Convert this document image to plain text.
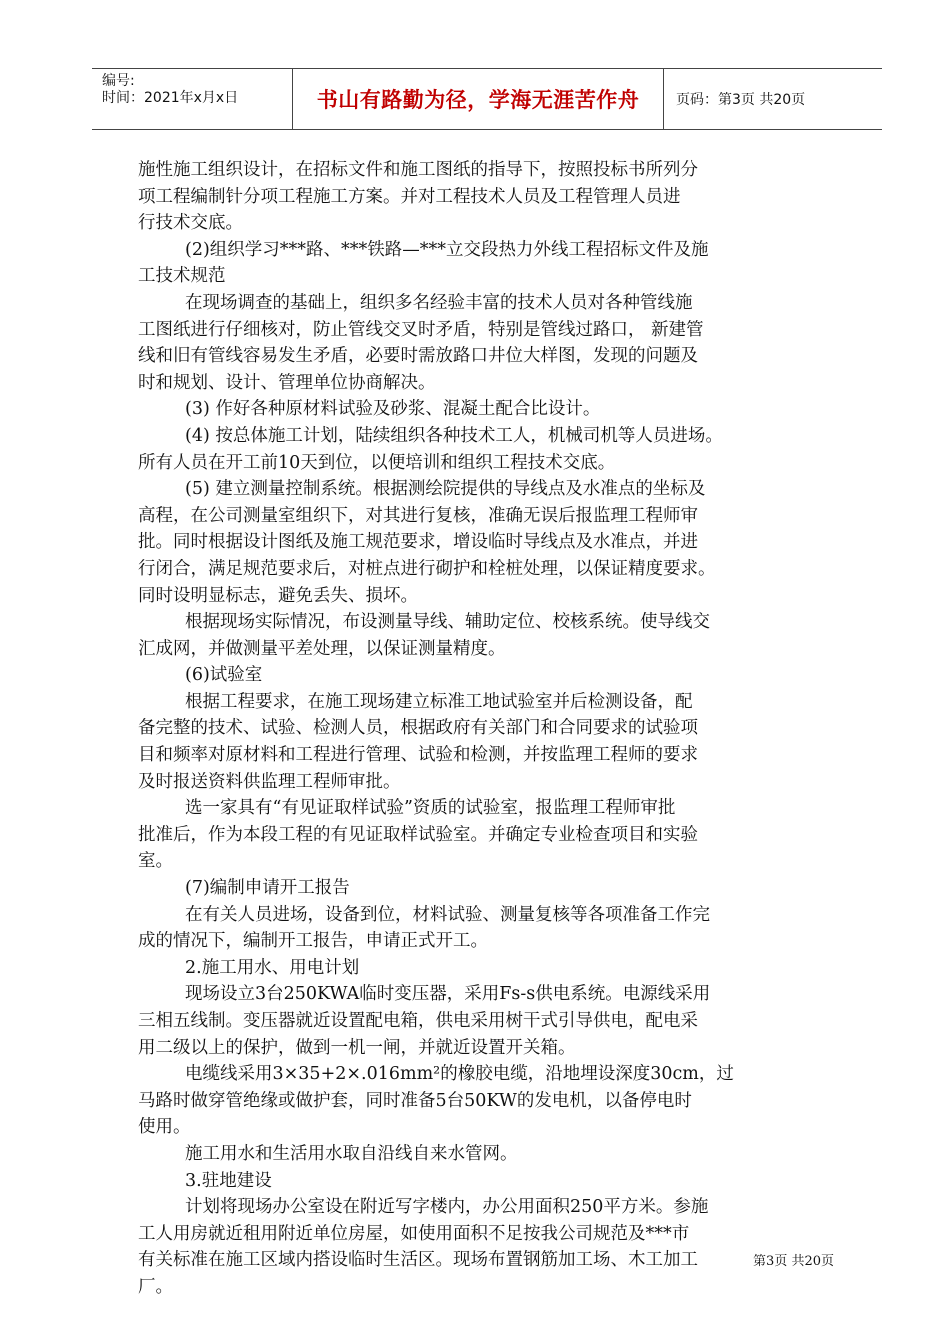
编号:
时间：2021年x月x日	书山有路勤为径，学海无涯苦作舟	页码：第3页 共20页
施性施工组织设计，在招标文件和施工图纸的指导下，按照投标书所列分
项工程编制针分项工程施工方案。并对工程技术人员及工程管理人员进
行技术交底。
(2)组织学习***路、***铁路—***立交段热力外线工程招标文件及施
工技术规范
在现场调查的基础上，组织多名经验丰富的技术人员对各种管线施
工图纸进行仔细核对，防止管线交叉时矛盾，特别是管线过路口， 新建管
线和旧有管线容易发生矛盾，必要时需放路口井位大样图，发现的问题及
时和规划、设计、管理单位协商解决。
(3) 作好各种原材料试验及砂浆、混凝土配合比设计。
(4) 按总体施工计划，陆续组织各种技术工人，机械司机等人员进场。
所有人员在开工前10天到位，以便培训和组织工程技术交底。
(5) 建立测量控制系统。根据测绘院提供的导线点及水准点的坐标及
高程，在公司测量室组织下，对其进行复核，准确无误后报监理工程师审
批。同时根据设计图纸及施工规范要求，增设临时导线点及水准点，并进
行闭合，满足规范要求后，对桩点进行砌护和栓桩处理，以保证精度要求。
同时设明显标志，避免丢失、损坏。
根据现场实际情况，布设测量导线、辅助定位、校核系统。使导线交
汇成网，并做测量平差处理，以保证测量精度。
(6)试验室
根据工程要求，在施工现场建立标准工地试验室并后检测设备，配
备完整的技术、试验、检测人员，根据政府有关部门和合同要求的试验项
目和频率对原材料和工程进行管理、试验和检测，并按监理工程师的要求
及时报送资料供监理工程师审批。
选一家具有“有见证取样试验”资质的试验室，报监理工程师审批
批准后，作为本段工程的有见证取样试验室。并确定专业检查项目和实验
室。
(7)编制申请开工报告
在有关人员进场，设备到位，材料试验、测量复核等各项准备工作完
成的情况下，编制开工报告，申请正式开工。
2.施工用水、用电计划
现场设立3台250KWA临时变压器，采用Fs-s供电系统。电源线采用
三相五线制。变压器就近设置配电箱，供电采用树干式引导供电，配电采
用二级以上的保护，做到一机一闸，并就近设置开关箱。
电缆线采用3×35+2×.016mm²的橡胶电缆，沿地埋设深度30cm，过
马路时做穿管绝缘或做护套，同时准备5台50KW的发电机，以备停电时
使用。
施工用水和生活用水取自沿线自来水管网。
3.驻地建设
计划将现场办公室设在附近写字楼内，办公用面积250平方米。参施
工人用房就近租用附近单位房屋，如使用面积不足按我公司规范及***市
有关标准在施工区域内搭设临时生活区。现场布置钢筋加工场、木工加工
厂。
第3页 共20页
